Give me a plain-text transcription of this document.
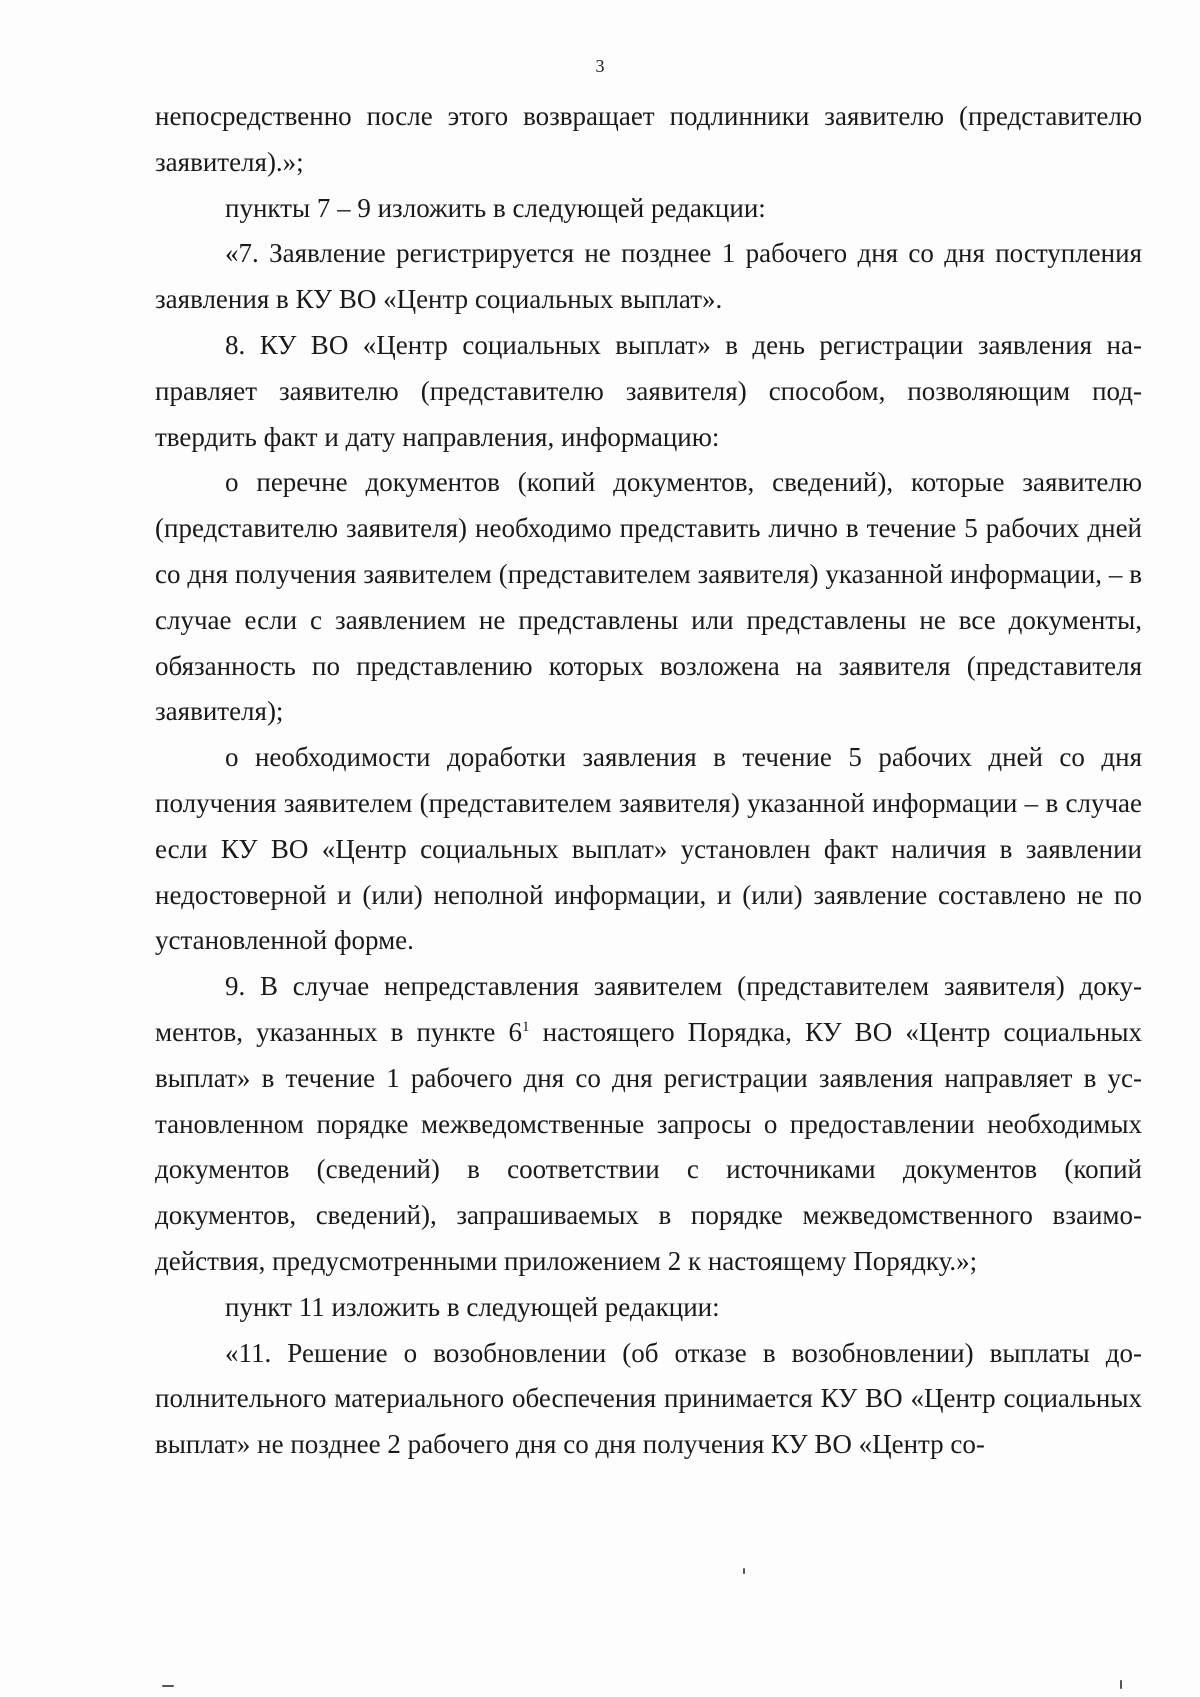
3

непосредственно после этого возвращает подлинники заявителю (представителю заявителя).»;

пункты 7 – 9 изложить в следующей редакции:

«7. Заявление регистрируется не позднее 1 рабочего дня со дня поступления заявления в КУ ВО «Центр социальных выплат».

8. КУ ВО «Центр социальных выплат» в день регистрации заявления направляет заявителю (представителю заявителя) способом, позволяющим подтвердить факт и дату направления, информацию:

о перечне документов (копий документов, сведений), которые заявителю (представителю заявителя) необходимо представить лично в течение 5 рабочих дней со дня получения заявителем (представителем заявителя) указанной информации, – в случае если с заявлением не представлены или представлены не все документы, обязанность по представлению которых возложена на заявителя (представителя заявителя);

о необходимости доработки заявления в течение 5 рабочих дней со дня получения заявителем (представителем заявителя) указанной информации – в случае если КУ ВО «Центр социальных выплат» установлен факт наличия в заявлении недостоверной и (или) неполной информации, и (или) заявление составлено не по установленной форме.

9. В случае непредставления заявителем (представителем заявителя) документов, указанных в пункте $6^1$ настоящего Порядка, КУ ВО «Центр социальных выплат» в течение 1 рабочего дня со дня регистрации заявления направляет в установленном порядке межведомственные запросы о предоставлении необходимых документов (сведений) в соответствии с источниками документов (копий документов, сведений), запрашиваемых в порядке межведомственного взаимодействия, предусмотренными приложением 2 к настоящему Порядку.»;

пункт 11 изложить в следующей редакции:

«11. Решение о возобновлении (об отказе в возобновлении) выплаты дополнительного материального обеспечения принимается КУ ВО «Центр социальных выплат» не позднее 2 рабочего дня со дня получения КУ ВО «Центр со-
